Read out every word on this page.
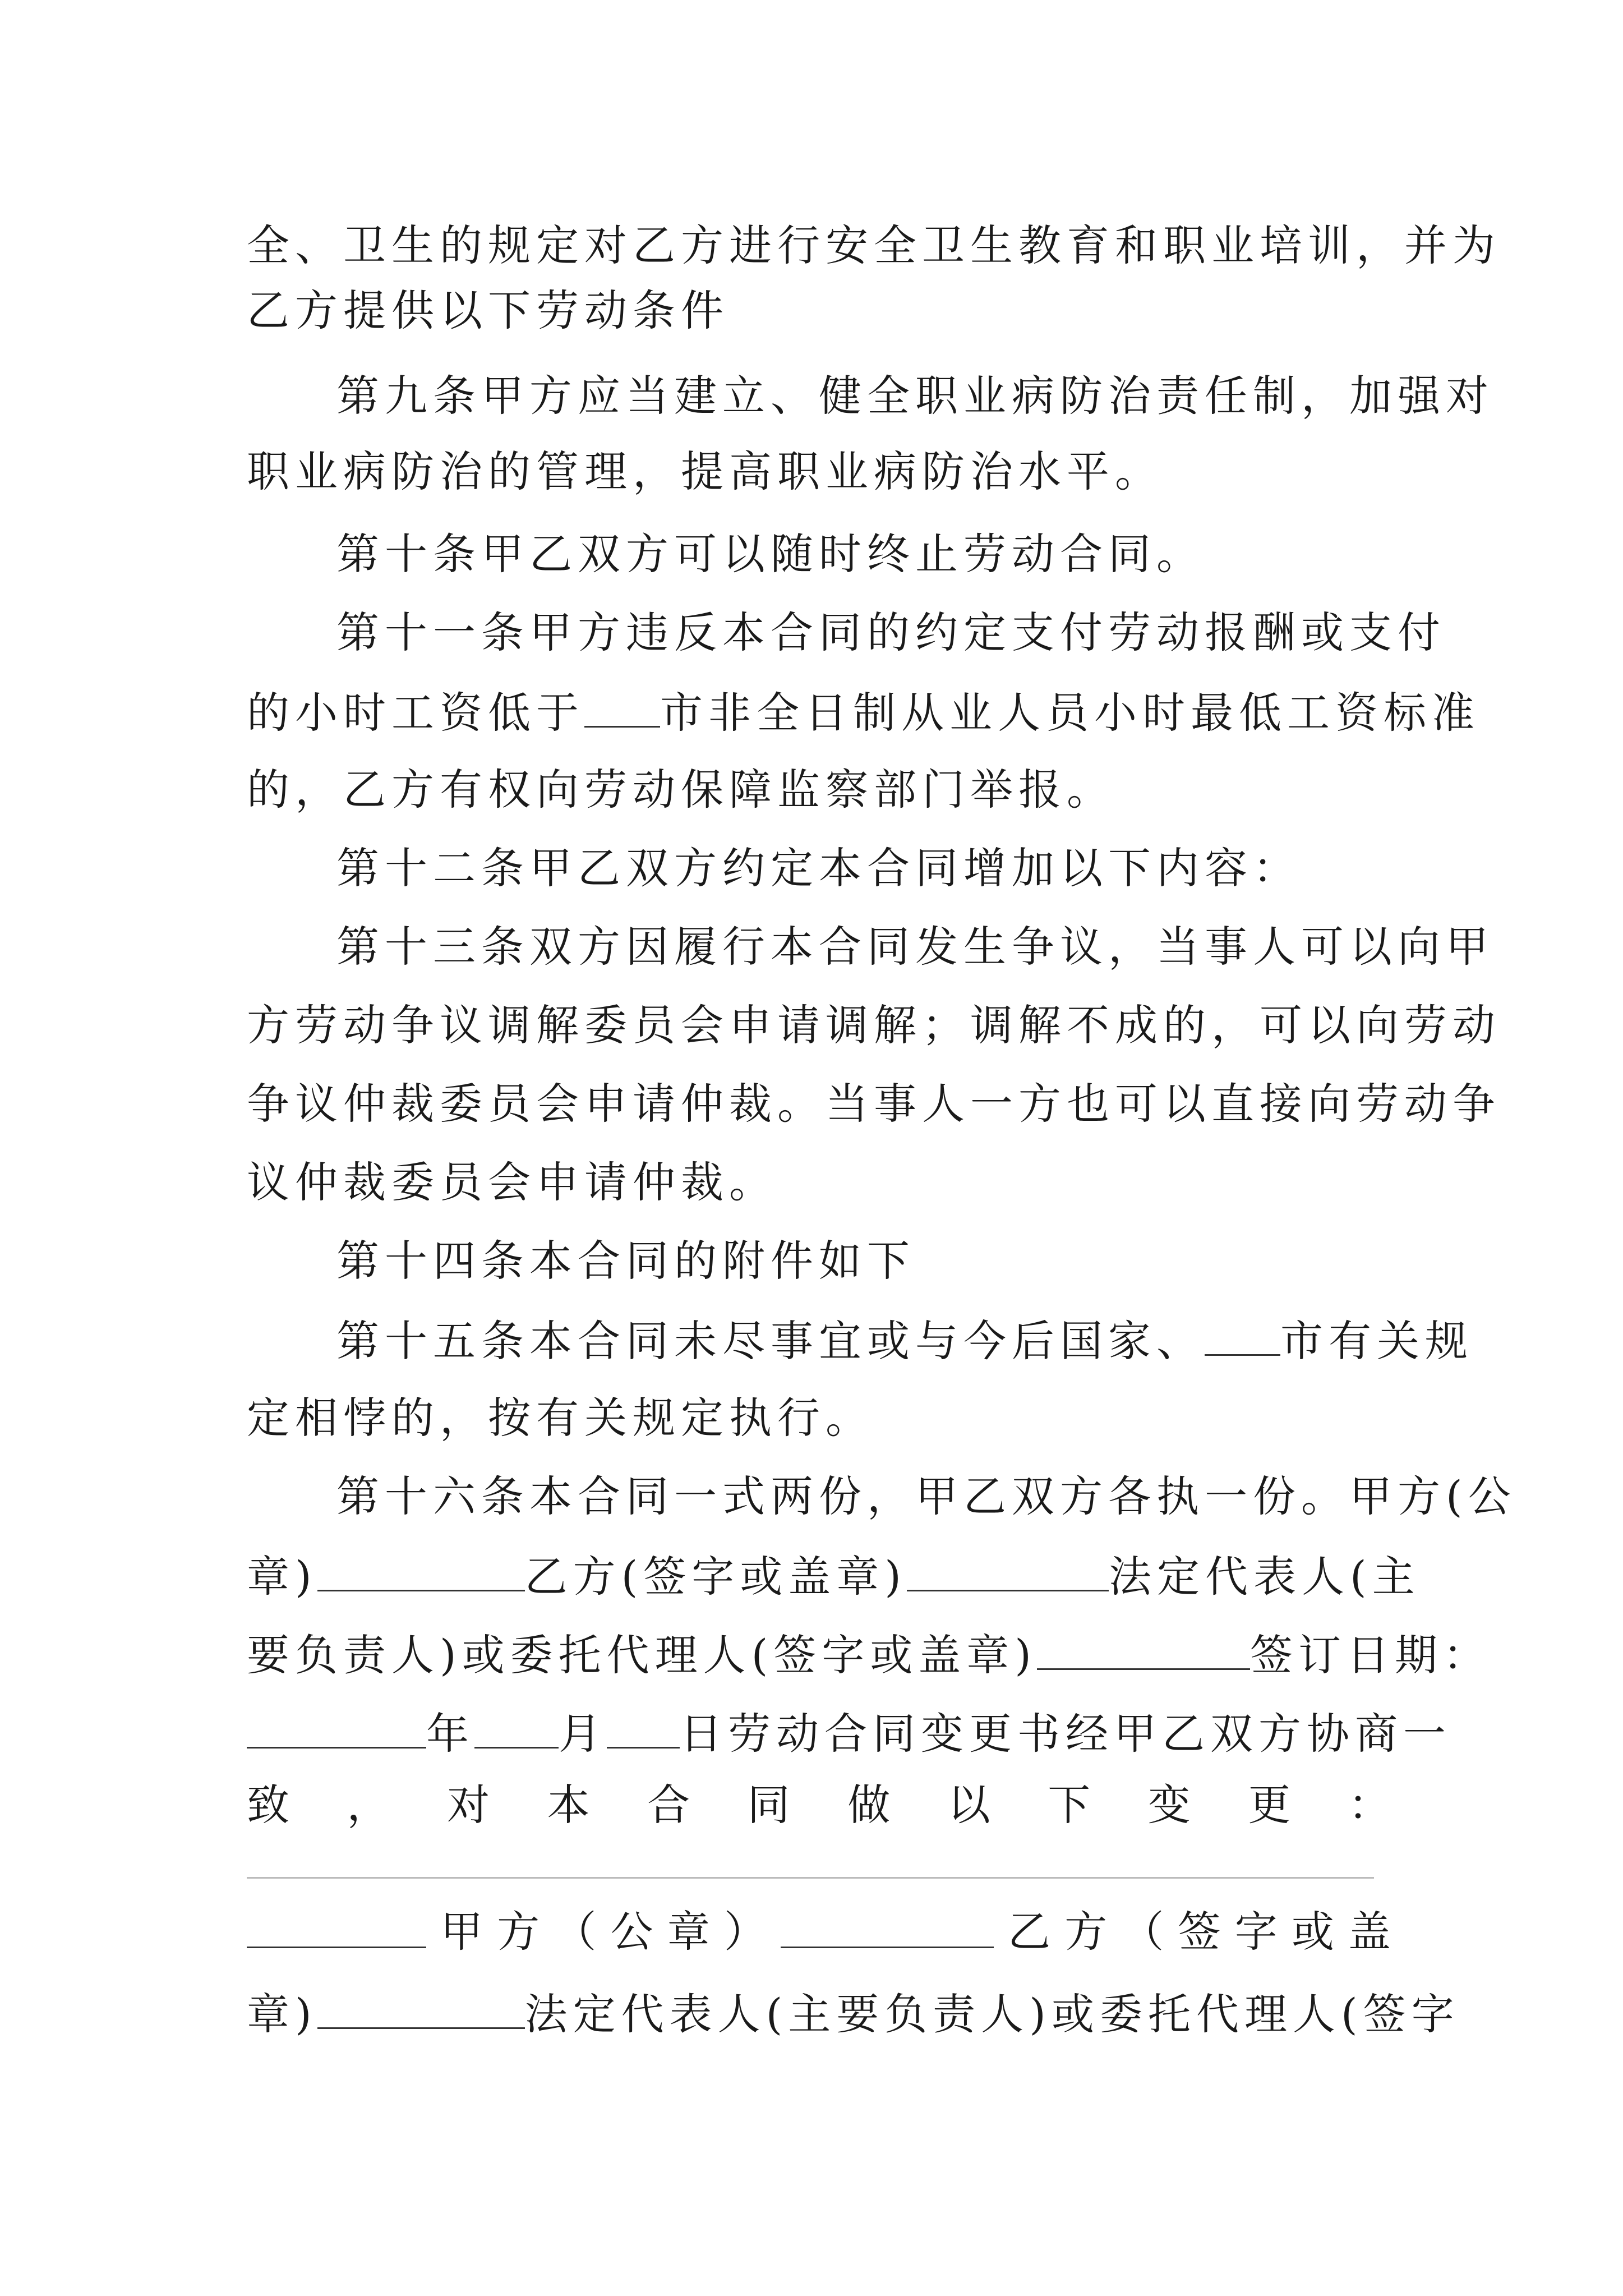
全、卫生的规定对乙方进行安全卫生教育和职业培训，并为
乙方提供以下劳动条件
第九条甲方应当建立、健全职业病防治责任制，加强对
职业病防治的管理，提高职业病防治水平。
第十条甲乙双方可以随时终止劳动合同。
第十一条甲方违反本合同的约定支付劳动报酬或支付
的小时工资低于 市非全日制从业人员小时最低工资标准
的，乙方有权向劳动保障监察部门举报。
第十二条甲乙双方约定本合同增加以下内容：
第十三条双方因履行本合同发生争议，当事人可以向甲
方劳动争议调解委员会申请调解；调解不成的，可以向劳动
争议仲裁委员会申请仲裁。当事人一方也可以直接向劳动争
议仲裁委员会申请仲裁。
第十四条本合同的附件如下
第十五条本合同未尽事宜或与今后国家、 市有关规
定相悖的，按有关规定执行。
第十六条本合同一式两份，甲乙双方各执一份。甲方(公
章)	乙方(签字或盖章)	法定代表人(主
要负责人)或委托代理人(签字或盖章)	签订日期：
年 月 日劳动合同变更书经甲乙双方协商一
致 ， 对 本 合 同 做 以 下 变 更 ：
甲 方 （ 公 章 ）	乙 方 （ 签 字 或 盖
章)	法定代表人(主要负责人)或委托代理人(签字
